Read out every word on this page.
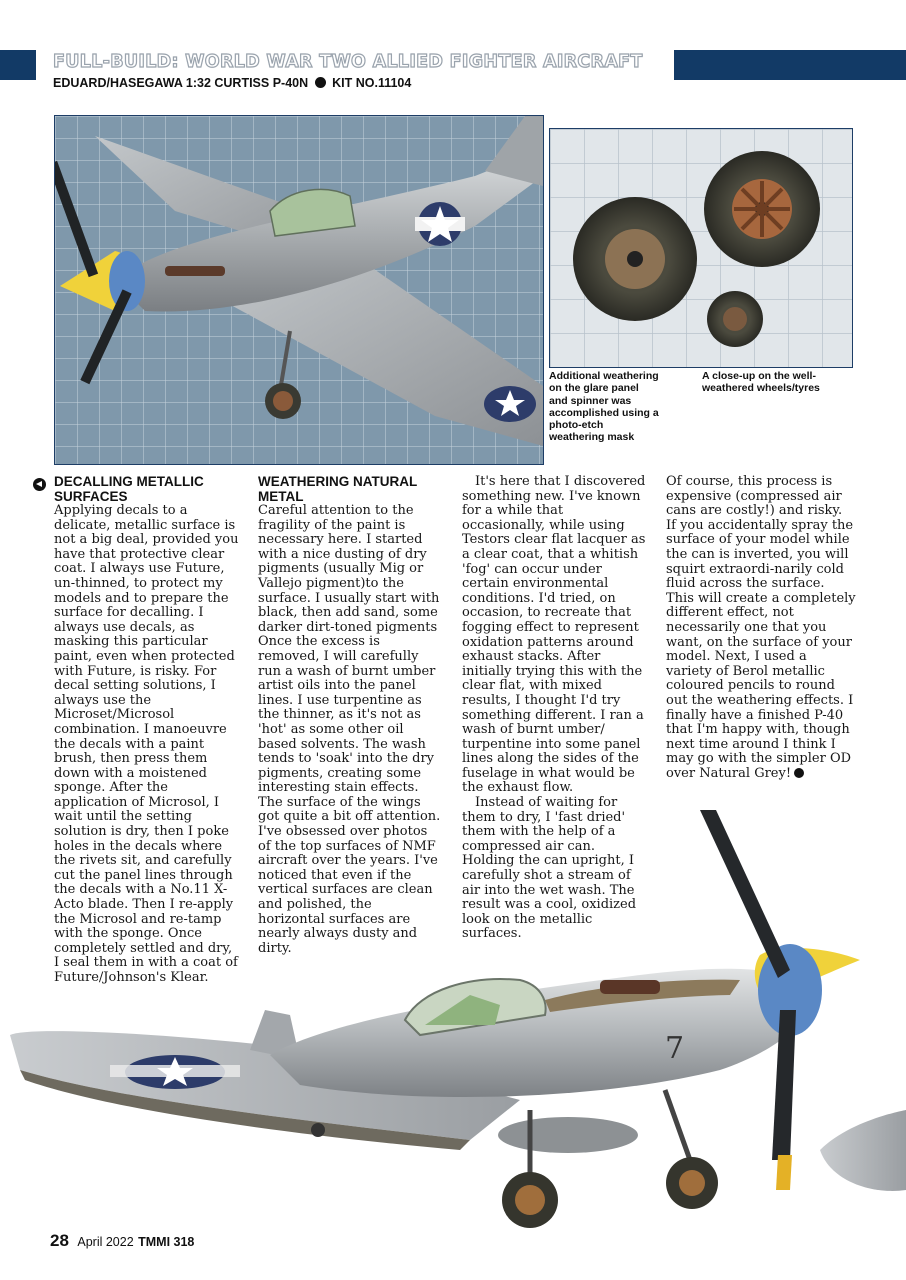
FULL-BUILD: WORLD WAR TWO ALLIED FIGHTER AIRCRAFT
EDUARD/HASEGAWA 1:32 CURTISS P-40N KIT NO.11104
Additional weathering on the glare panel and spinner was accomplished using a photo-etch weathering mask
A close-up on the well-weathered wheels/tyres
7
DECALLING METALLIC SURFACES

Applying decals to a delicate, metallic surface is not a big deal, provided you have that protective clear coat. I always use Future, un-thinned, to protect my models and to prepare the surface for decalling. I always use decals, as masking this particular paint, even when protected with Future, is risky. For decal setting solutions, I always use the Microset/Microsol combination. I manoeuvre the decals with a paint brush, then press them down with a moistened sponge. After the application of Microsol, I wait until the setting solution is dry, then I poke holes in the decals where the rivets sit, and carefully cut the panel lines through the decals with a No.11 X-Acto blade. Then I re-apply the Microsol and re-tamp with the sponge. Once completely settled and dry, I seal them in with a coat of Future/Johnson's Klear.

WEATHERING NATURAL METAL

Careful attention to the fragility of the paint is necessary here. I started with a nice dusting of dry pigments (usually Mig or Vallejo pigment)to the surface. I usually start with black, then add sand, some darker dirt-toned pigments Once the excess is removed, I will carefully run a wash of burnt umber artist oils into the panel lines. I use turpentine as the thinner, as it's not as 'hot' as some other oil based solvents. The wash tends to 'soak' into the dry pigments, creating some interesting stain effects. The surface of the wings got quite a bit off attention. I've obsessed over photos of the top surfaces of NMF aircraft over the years. I've noticed that even if the vertical surfaces are clean and polished, the horizontal surfaces are nearly always dusty and dirty.

It's here that I discovered something new. I've known for a while that occasionally, while using Testors clear flat lacquer as a clear coat, that a whitish 'fog' can occur under certain environmental conditions. I'd tried, on occasion, to recreate that fogging effect to represent oxidation patterns around exhaust stacks. After initially trying this with the clear flat, with mixed results, I thought I'd try something different. I ran a wash of burnt umber/ turpentine into some panel lines along the sides of the fuselage in what would be the exhaust flow.

Instead of waiting for them to dry, I 'fast dried' them with the help of a compressed air can. Holding the can upright, I carefully shot a stream of air into the wet wash. The result was a cool, oxidized look on the metallic surfaces.

Of course, this process is expensive (compressed air cans are costly!) and risky. If you accidentally spray the surface of your model while the can is inverted, you will squirt extraordi-narily cold fluid across the surface. This will create a completely different effect, not necessarily one that you want, on the surface of your model. Next, I used a variety of Berol metallic coloured pencils to round out the weathering effects. I finally have a finished P-40 that I'm happy with, though next time around I think I may go with the simpler OD over Natural Grey!

28 April 2022 TMMI 318
